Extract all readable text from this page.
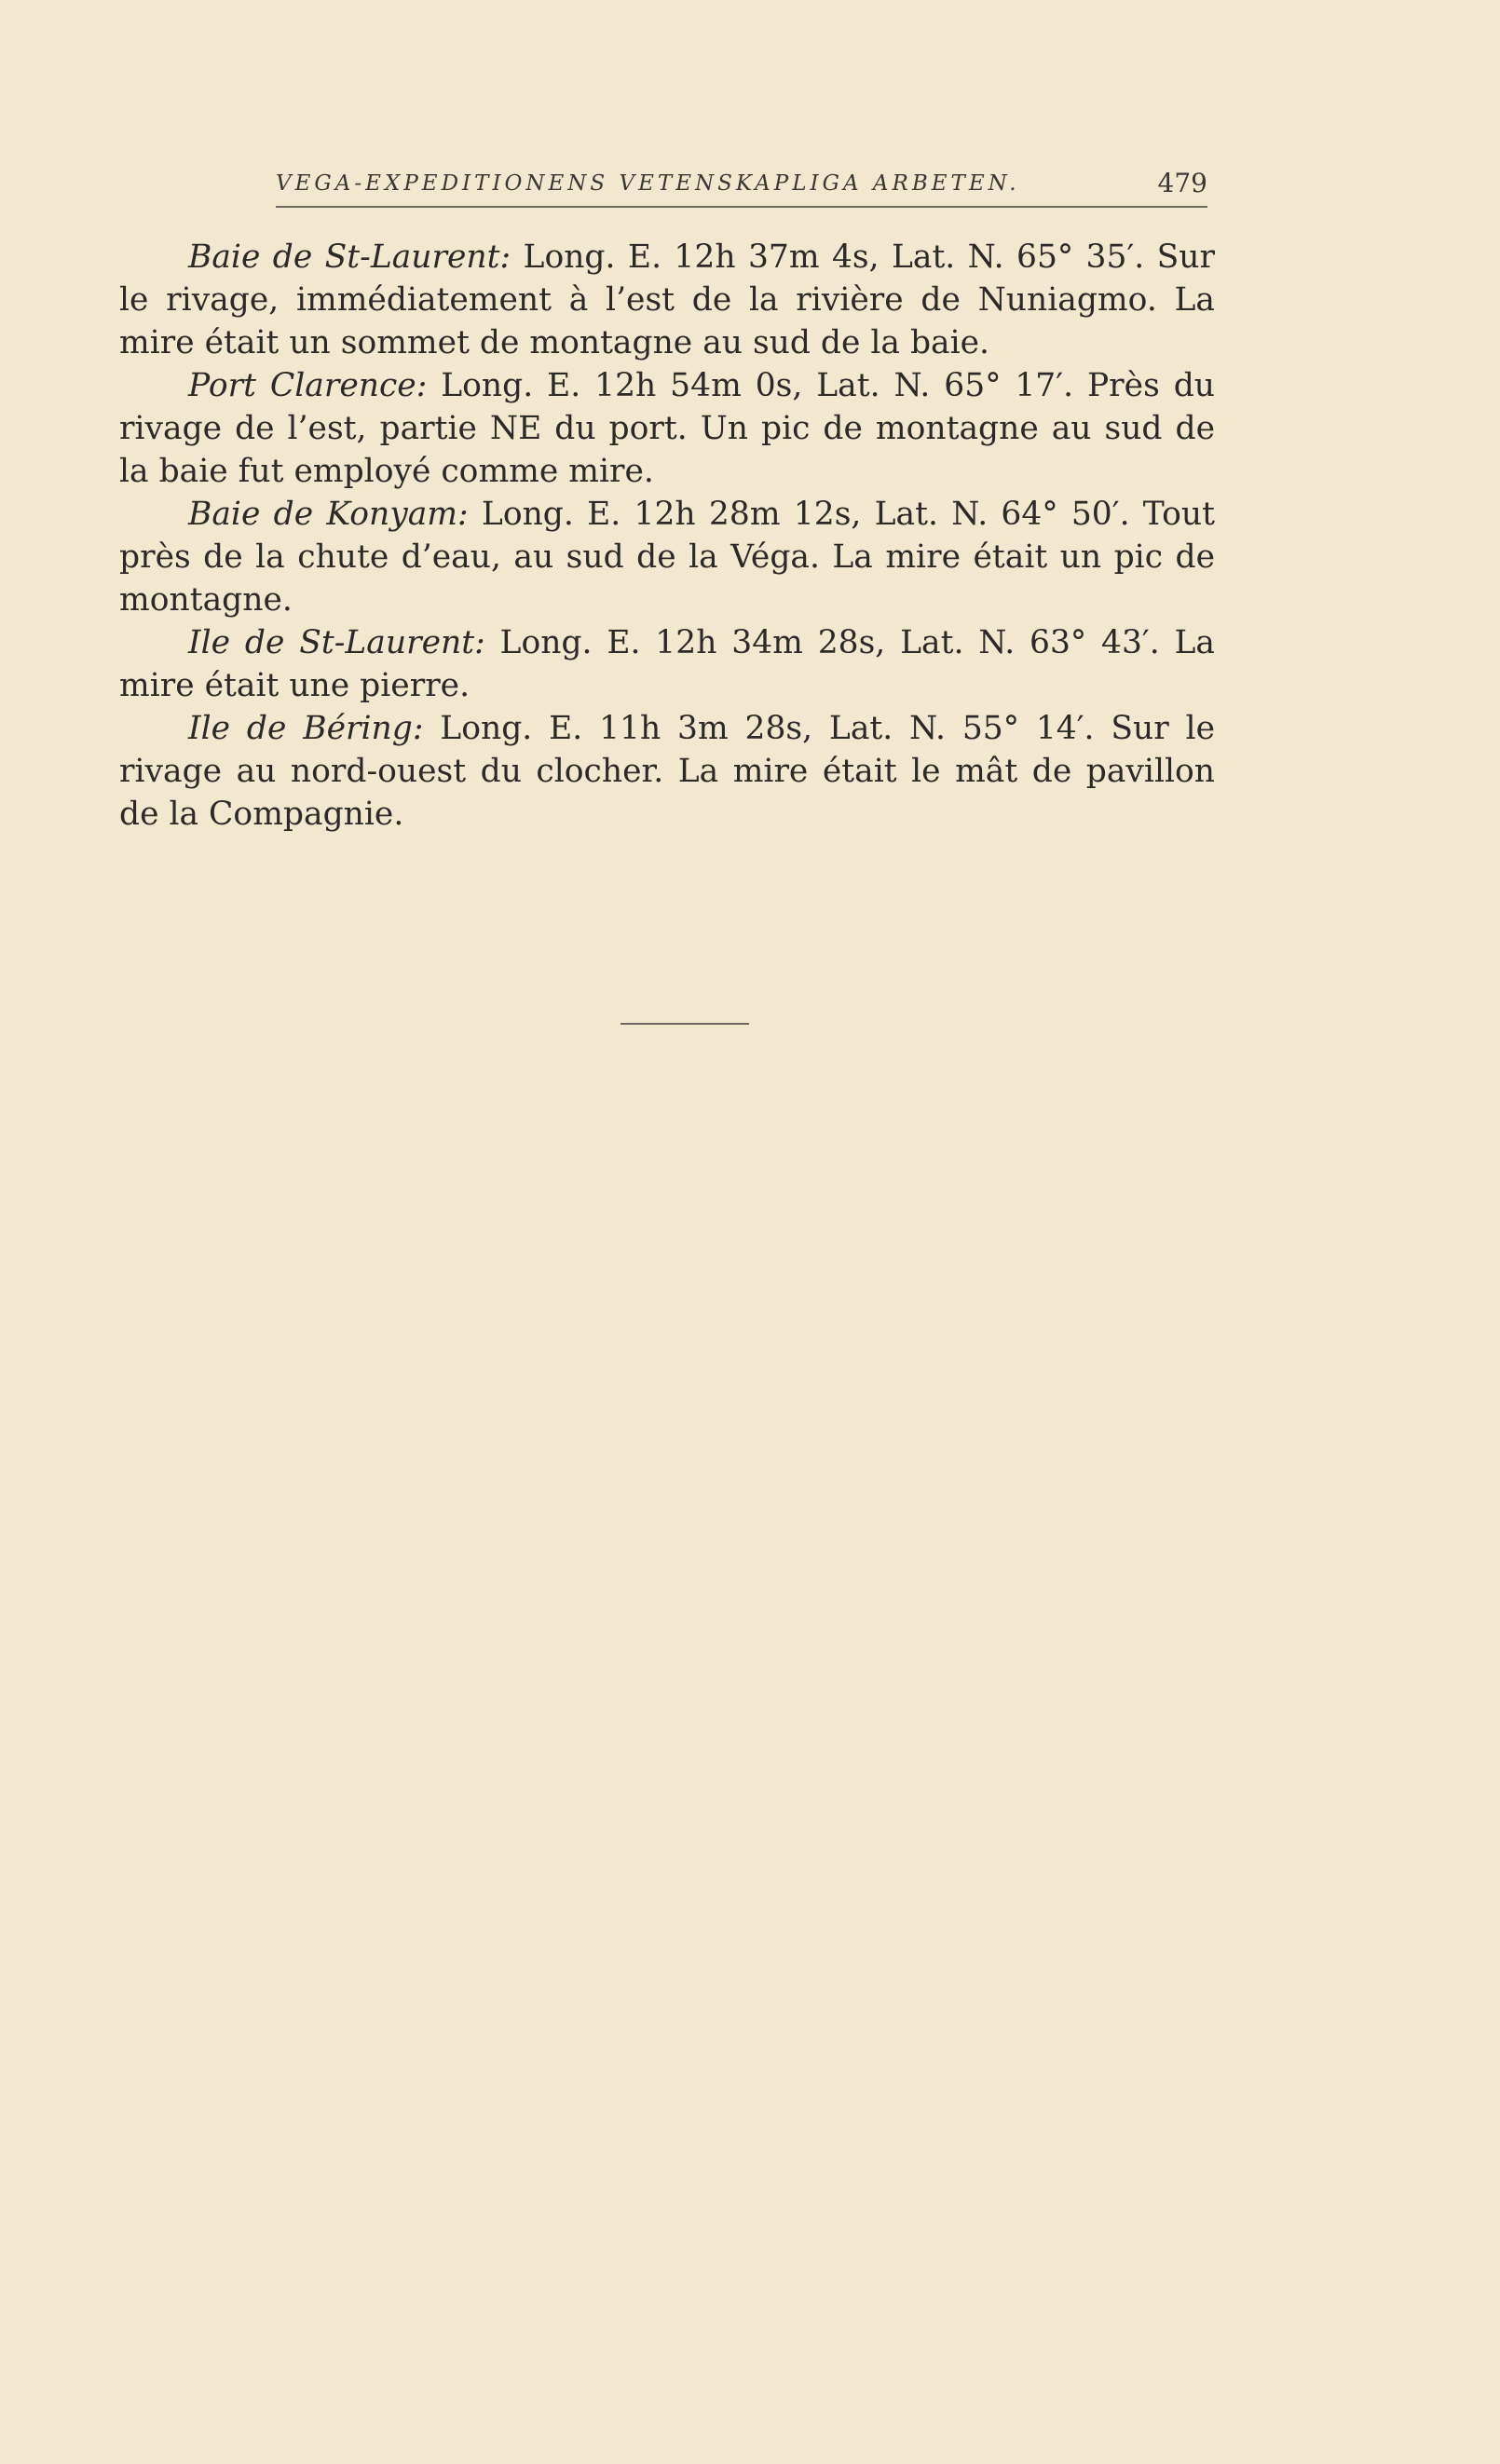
VEGA-EXPEDITIONENS VETENSKAPLIGA ARBETEN.	479

Baie de St-Laurent: Long. E. 12h 37m 4s, Lat. N. 65° 35′. Sur le rivage, immédiatement à l’est de la rivière de Nuniagmo. La mire était un sommet de montagne au sud de la baie.

Port Clarence: Long. E. 12h 54m 0s, Lat. N. 65° 17′. Près du rivage de l’est, partie NE du port. Un pic de montagne au sud de la baie fut employé comme mire.

Baie de Konyam: Long. E. 12h 28m 12s, Lat. N. 64° 50′. Tout près de la chute d’eau, au sud de la Véga. La mire était un pic de montagne.

Ile de St-Laurent: Long. E. 12h 34m 28s, Lat. N. 63° 43′. La mire était une pierre.

Ile de Béring: Long. E. 11h 3m 28s, Lat. N. 55° 14′. Sur le rivage au nord-ouest du clocher. La mire était le mât de pavillon de la Compagnie.
